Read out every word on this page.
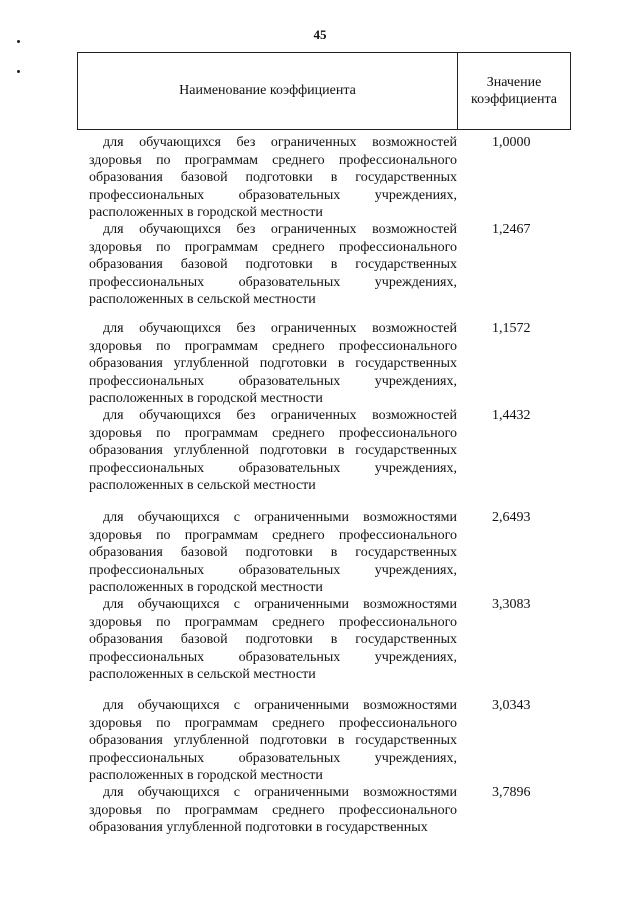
45
Наименование коэффициента
Значение
коэффициента
для обучающихся без ограниченных возможностей здоровья по программам среднего профессионального образования базовой подготовки в государственных профессиональных образовательных учреждениях, расположенных в городской местности
1,0000
для обучающихся без ограниченных возможностей здоровья по программам среднего профессионального образования базовой подготовки в государственных профессиональных образовательных учреждениях, расположенных в сельской местности
1,2467
для обучающихся без ограниченных возможностей здоровья по программам среднего профессионального образования углубленной подготовки в государственных профессиональных образовательных учреждениях, расположенных в городской местности
1,1572
для обучающихся без ограниченных возможностей здоровья по программам среднего профессионального образования углубленной подготовки в государственных профессиональных образовательных учреждениях, расположенных в сельской местности
1,4432
для обучающихся с ограниченными возможностями здоровья по программам среднего профессионального образования базовой подготовки в государственных профессиональных образовательных учреждениях, расположенных в городской местности
2,6493
для обучающихся с ограниченными возможностями здоровья по программам среднего профессионального образования базовой подготовки в государственных профессиональных образовательных учреждениях, расположенных в сельской местности
3,3083
для обучающихся с ограниченными возможностями здоровья по программам среднего профессионального образования углубленной подготовки в государственных профессиональных образовательных учреждениях, расположенных в городской местности
3,0343
для обучающихся с ограниченными возможностями здоровья по программам среднего профессионального образования углубленной подготовки в государственных
3,7896
